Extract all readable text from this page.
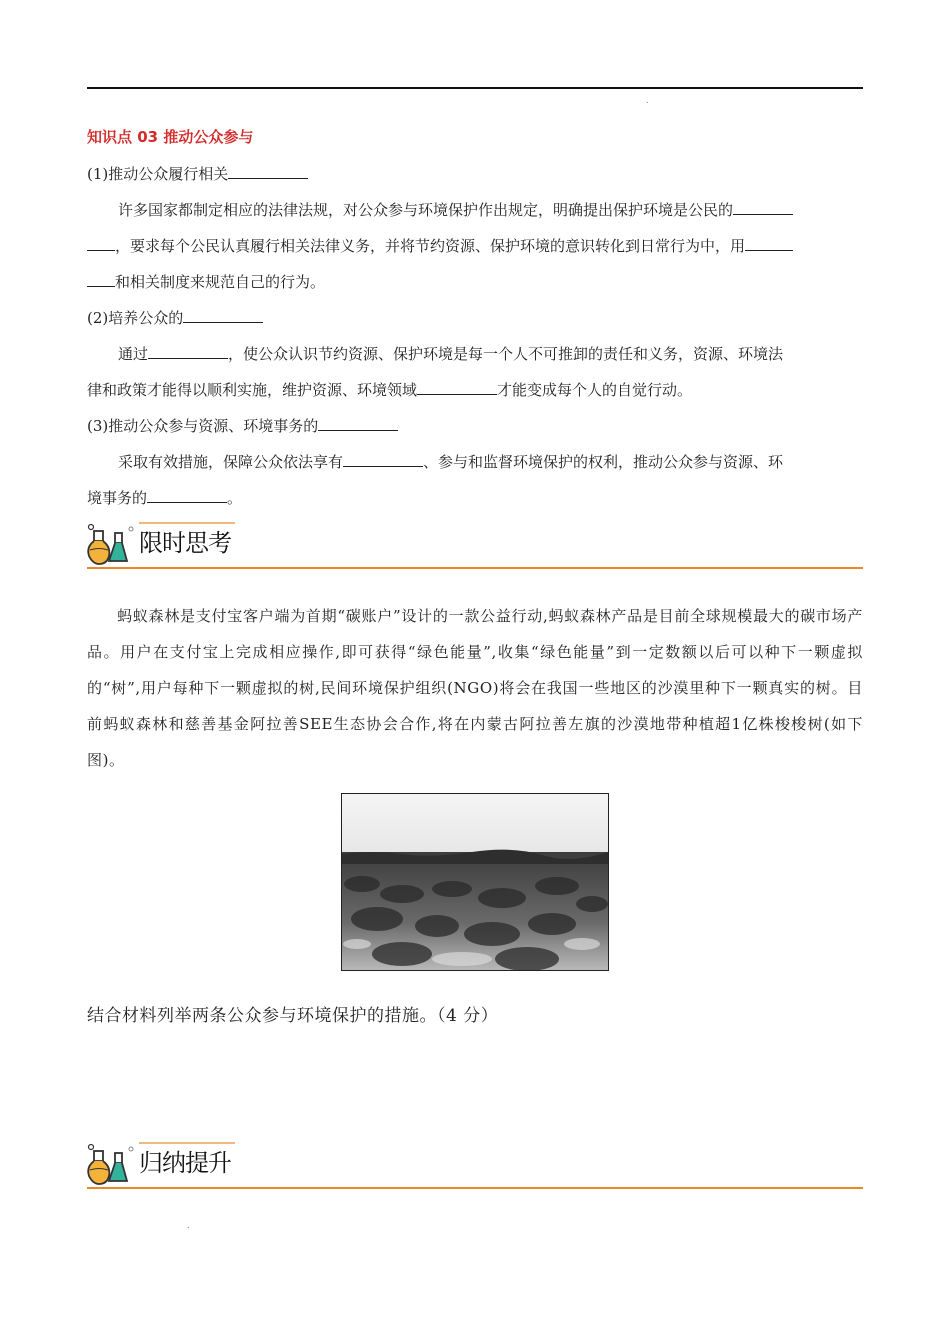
.
知识点 03 推动公众参与
(1)推动公众履行相关
许多国家都制定相应的法律法规，对公众参与环境保护作出规定，明确提出保护环境是公民的
，要求每个公民认真履行相关法律义务，并将节约资源、保护环境的意识转化到日常行为中，用
和相关制度来规范自己的行为。
(2)培养公众的
通过	，使公众认识节约资源、保护环境是每一个人不可推卸的责任和义务，资源、环境法
律和政策才能得以顺利实施，维护资源、环境领域	才能变成每个人的自觉行动。
(3)推动公众参与资源、环境事务的
采取有效措施，保障公众依法享有	、参与和监督环境保护的权利，推动公众参与资源、环
境事务的	。
限时思考
蚂蚁森林是支付宝客户端为首期“碳账户”设计的一款公益行动,蚂蚁森林产品是目前全球规模最大的碳市场产品。用户在支付宝上完成相应操作,即可获得“绿色能量”,收集“绿色能量”到一定数额以后可以种下一颗虚拟的“树”,用户每种下一颗虚拟的树,民间环境保护组织(NGO)将会在我国一些地区的沙漠里种下一颗真实的树。目前蚂蚁森林和慈善基金阿拉善SEE生态协会合作,将在内蒙古阿拉善左旗的沙漠地带种植超1亿株梭梭树(如下图)。
结合材料列举两条公众参与环境保护的措施。（4 分）
归纳提升
.
